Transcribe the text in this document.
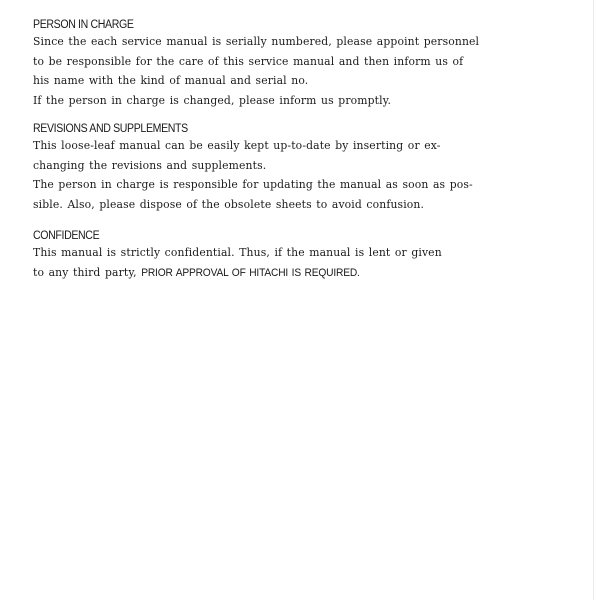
PERSON IN CHARGE
Since the each service manual is serially numbered, please appoint personnel
to be responsible for the care of this service manual and then inform us of
his name with the kind of manual and serial no.
If the person in charge is changed, please inform us promptly.
REVISIONS AND SUPPLEMENTS
This loose-leaf manual can be easily kept up-to-date by inserting or ex-
changing the revisions and supplements.
The person in charge is responsible for updating the manual as soon as pos-
sible. Also, please dispose of the obsolete sheets to avoid confusion.
CONFIDENCE
This manual is strictly confidential. Thus, if the manual is lent or given
to any third party, PRIOR APPROVAL OF HITACHI IS REQUIRED.
